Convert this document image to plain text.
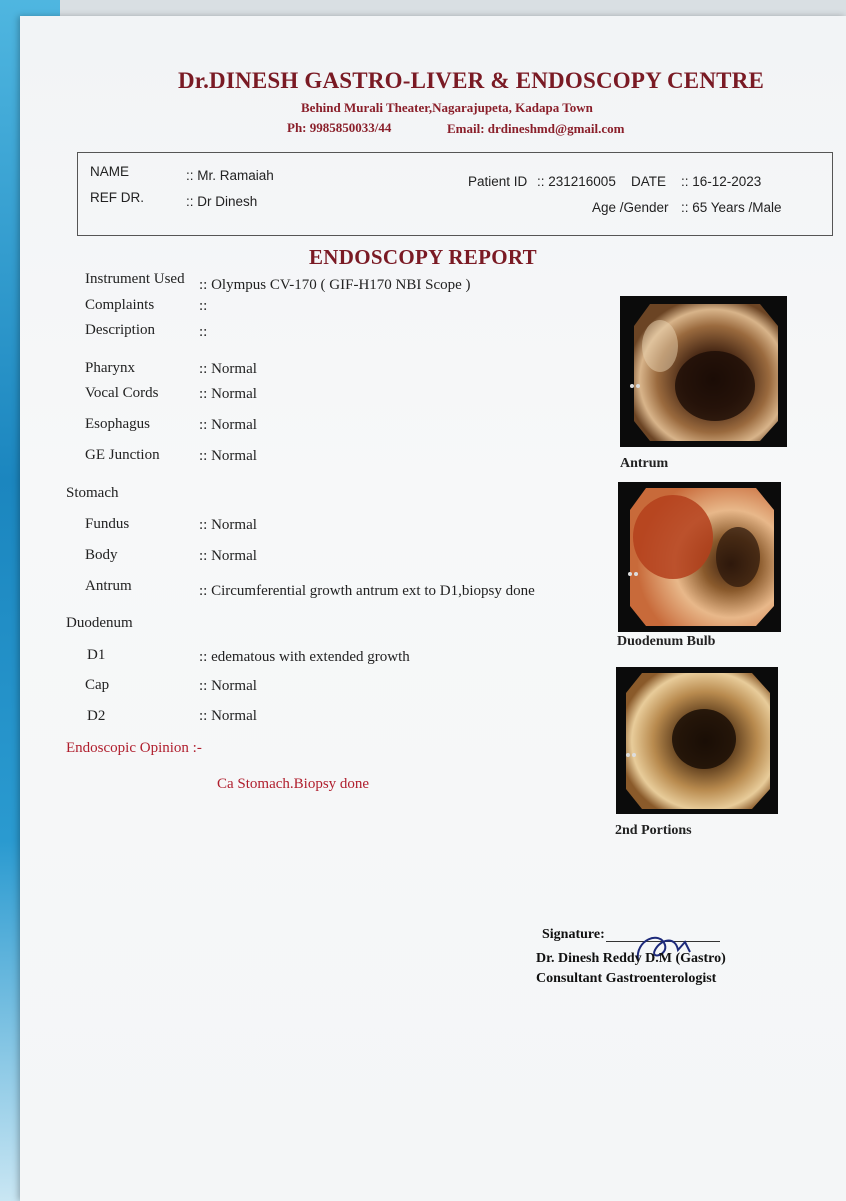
Dr.DINESH GASTRO-LIVER & ENDOSCOPY CENTRE
Behind Murali Theater,Nagarajupeta, Kadapa Town
Ph: 9985850033/44	Email: drdineshmd@gmail.com
NAME	:: Mr. Ramaiah
REF DR.	:: Dr Dinesh
Patient ID :: 231216005 DATE :: 16-12-2023
Age /Gender :: 65 Years /Male
ENDOSCOPY REPORT
Instrument Used :: Olympus CV-170 ( GIF-H170 NBI Scope )
Complaints	::
Description	::
Pharynx	:: Normal
Vocal Cords	:: Normal
Esophagus	:: Normal
GE Junction	:: Normal
Stomach
Fundus	:: Normal
Body	:: Normal
Antrum	:: Circumferential growth antrum ext to D1,biopsy done
Duodenum
D1	:: edematous with extended growth
Cap	:: Normal
D2	:: Normal
Endoscopic Opinion :-
Ca Stomach.Biopsy done
Antrum
Duodenum Bulb
2nd Portions
Signature:
Dr. Dinesh Reddy D.M (Gastro)
Consultant Gastroenterologist
